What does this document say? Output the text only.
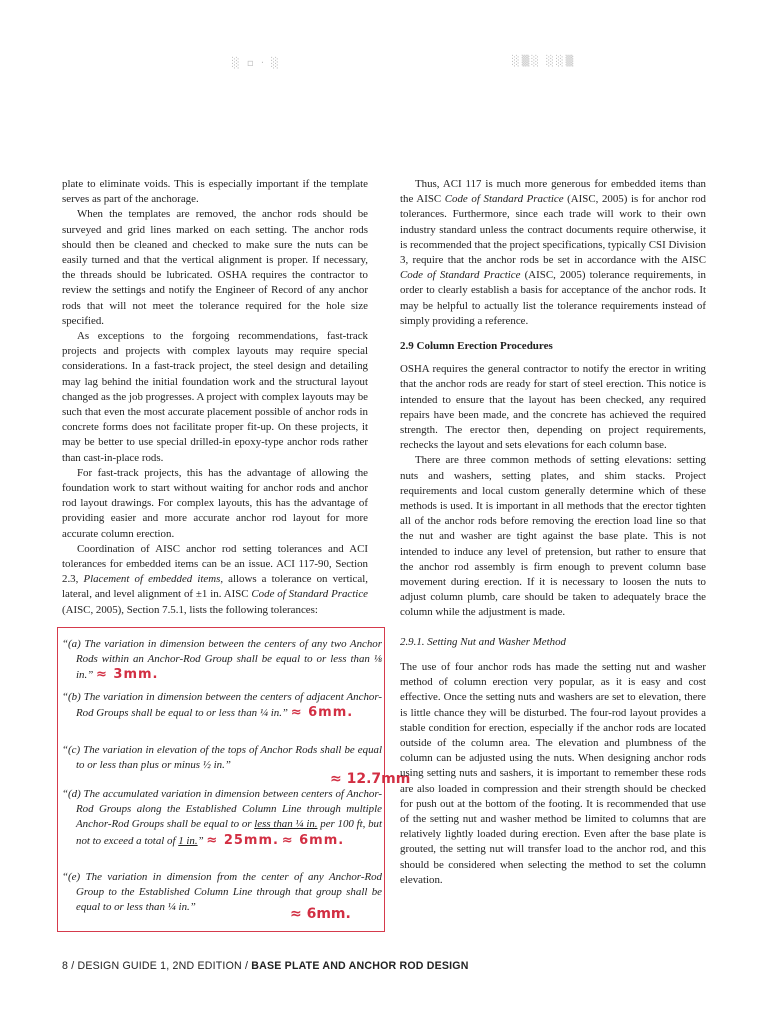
░ ▫ · ░	░▒░ ░░▒

plate to eliminate voids. This is especially important if the template serves as part of the anchorage.

When the templates are removed, the anchor rods should be surveyed and grid lines marked on each setting. The anchor rods should then be cleaned and checked to make sure the nuts can be easily turned and that the vertical alignment is proper. If necessary, the threads should be lubricated. OSHA requires the contractor to review the settings and notify the Engineer of Record of any anchor rods that will not meet the tolerance required for the hole size specified.

As exceptions to the forgoing recommendations, fast-track projects and projects with complex layouts may require special considerations. In a fast-track project, the steel design and detailing may lag behind the initial foundation work and the structural layout changed as the job progresses. A project with complex layouts may be such that even the most accurate placement possible of anchor rods in concrete forms does not facilitate proper fit-up. On these projects, it may be better to use special drilled-in epoxy-type anchor rods rather than cast-in-place rods.

For fast-track projects, this has the advantage of allowing the foundation work to start without waiting for anchor rods and anchor rod layout drawings. For complex layouts, this has the advantage of providing easier and more accurate anchor rod layout for more accurate column erection.

Coordination of AISC anchor rod setting tolerances and ACI tolerances for embedded items can be an issue. ACI 117-90, Section 2.3, Placement of embedded items, allows a tolerance on vertical, lateral, and level alignment of ±1 in. AISC Code of Standard Practice (AISC, 2005), Section 7.5.1, lists the following tolerances:

“(a) The variation in dimension between the centers of any two Anchor Rods within an Anchor-Rod Group shall be equal to or less than ⅛ in.” ≈ 3mm.
“(b) The variation in dimension between the centers of adjacent Anchor-Rod Groups shall be equal to or less than ¼ in.” ≈ 6mm.
“(c) The variation in elevation of the tops of Anchor Rods shall be equal to or less than plus or minus ½ in.”
≈ 12.7mm
“(d) The accumulated variation in dimension between centers of Anchor-Rod Groups along the Established Column Line through multiple Anchor-Rod Groups shall be equal to or less than ¼ in. per 100 ft, but not to exceed a total of 1 in.” ≈ 25mm. ≈ 6mm.
“(e) The variation in dimension from the center of any Anchor-Rod Group to the Established Column Line through that group shall be equal to or less than ¼ in.”	≈ 6mm.

Thus, ACI 117 is much more generous for embedded items than the AISC Code of Standard Practice (AISC, 2005) is for anchor rod tolerances. Furthermore, since each trade will work to their own industry standard unless the contract documents require otherwise, it is recommended that the project specifications, typically CSI Division 3, require that the anchor rods be set in accordance with the AISC Code of Standard Practice (AISC, 2005) tolerance requirements, in order to clearly establish a basis for acceptance of the anchor rods. It may be helpful to actually list the tolerance requirements instead of simply providing a reference.

2.9 Column Erection Procedures

OSHA requires the general contractor to notify the erector in writing that the anchor rods are ready for start of steel erection. This notice is intended to ensure that the layout has been checked, any required repairs have been made, and the concrete has achieved the required strength. The erector then, depending on project requirements, rechecks the layout and sets elevations for each column base.

There are three common methods of setting elevations: setting nuts and washers, setting plates, and shim stacks. Project requirements and local custom generally determine which of these methods is used. It is important in all methods that the erector tighten all of the anchor rods before removing the erection load line so that the nut and washer are tight against the base plate. This is not intended to induce any level of pretension, but rather to ensure that the anchor rod assembly is firm enough to prevent column base movement during erection. If it is necessary to loosen the nuts to adjust column plumb, care should be taken to adequately brace the column while the adjustment is made.

2.9.1. Setting Nut and Washer Method

The use of four anchor rods has made the setting nut and washer method of column erection very popular, as it is easy and cost effective. Once the setting nuts and washers are set to elevation, there is little chance they will be disturbed. The four-rod layout provides a stable condition for erection, especially if the anchor rods are located outside of the column area. The elevation and plumbness of the column can be adjusted using the nuts. When designing anchor rods using setting nuts and sashers, it is important to remember these rods are also loaded in compression and their strength should be checked for push out at the bottom of the footing. It is recommended that use of the setting nut and washer method be limited to columns that are relatively lightly loaded during erection. Even after the base plate is grouted, the setting nut will transfer load to the anchor rod, and this should be considered when selecting the method to set the column elevation.

8 / DESIGN GUIDE 1, 2ND EDITION / BASE PLATE AND ANCHOR ROD DESIGN
